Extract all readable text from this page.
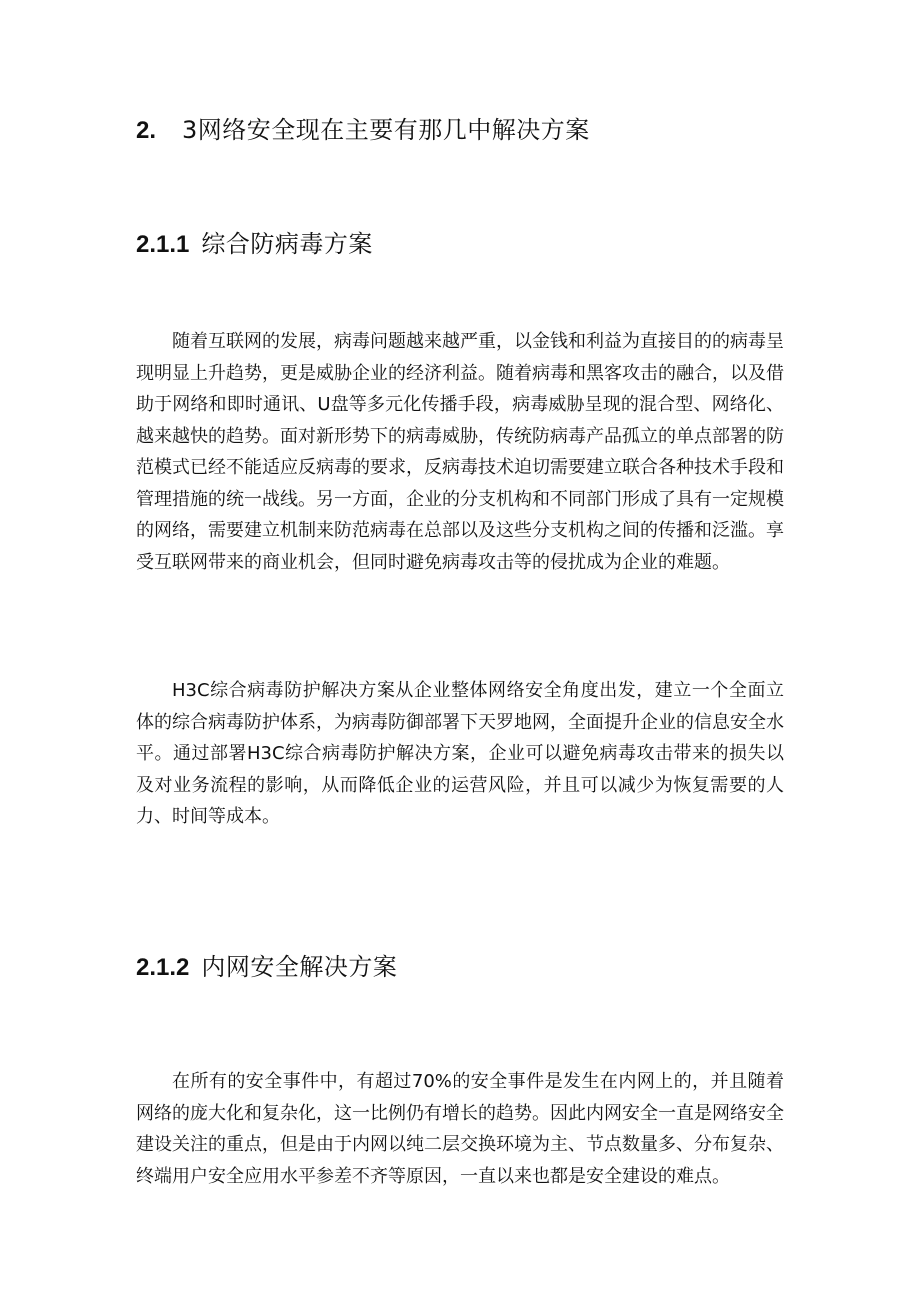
2. 3网络安全现在主要有那几中解决方案
2.1.1 综合防病毒方案

随着互联网的发展，病毒问题越来越严重，以金钱和利益为直接目的的病毒呈现明显上升趋势，更是威胁企业的经济利益。随着病毒和黑客攻击的融合，以及借助于网络和即时通讯、U盘等多元化传播手段，病毒威胁呈现的混合型、网络化、越来越快的趋势。面对新形势下的病毒威胁，传统防病毒产品孤立的单点部署的防范模式已经不能适应反病毒的要求，反病毒技术迫切需要建立联合各种技术手段和管理措施的统一战线。另一方面，企业的分支机构和不同部门形成了具有一定规模的网络，需要建立机制来防范病毒在总部以及这些分支机构之间的传播和泛滥。享受互联网带来的商业机会，但同时避免病毒攻击等的侵扰成为企业的难题。

H3C综合病毒防护解决方案从企业整体网络安全角度出发，建立一个全面立体的综合病毒防护体系，为病毒防御部署下天罗地网，全面提升企业的信息安全水平。通过部署H3C综合病毒防护解决方案，企业可以避免病毒攻击带来的损失以及对业务流程的影响，从而降低企业的运营风险，并且可以减少为恢复需要的人力、时间等成本。

2.1.2 内网安全解决方案

在所有的安全事件中，有超过70%的安全事件是发生在内网上的，并且随着网络的庞大化和复杂化，这一比例仍有增长的趋势。因此内网安全一直是网络安全建设关注的重点，但是由于内网以纯二层交换环境为主、节点数量多、分布复杂、终端用户安全应用水平参差不齐等原因，一直以来也都是安全建设的难点。
